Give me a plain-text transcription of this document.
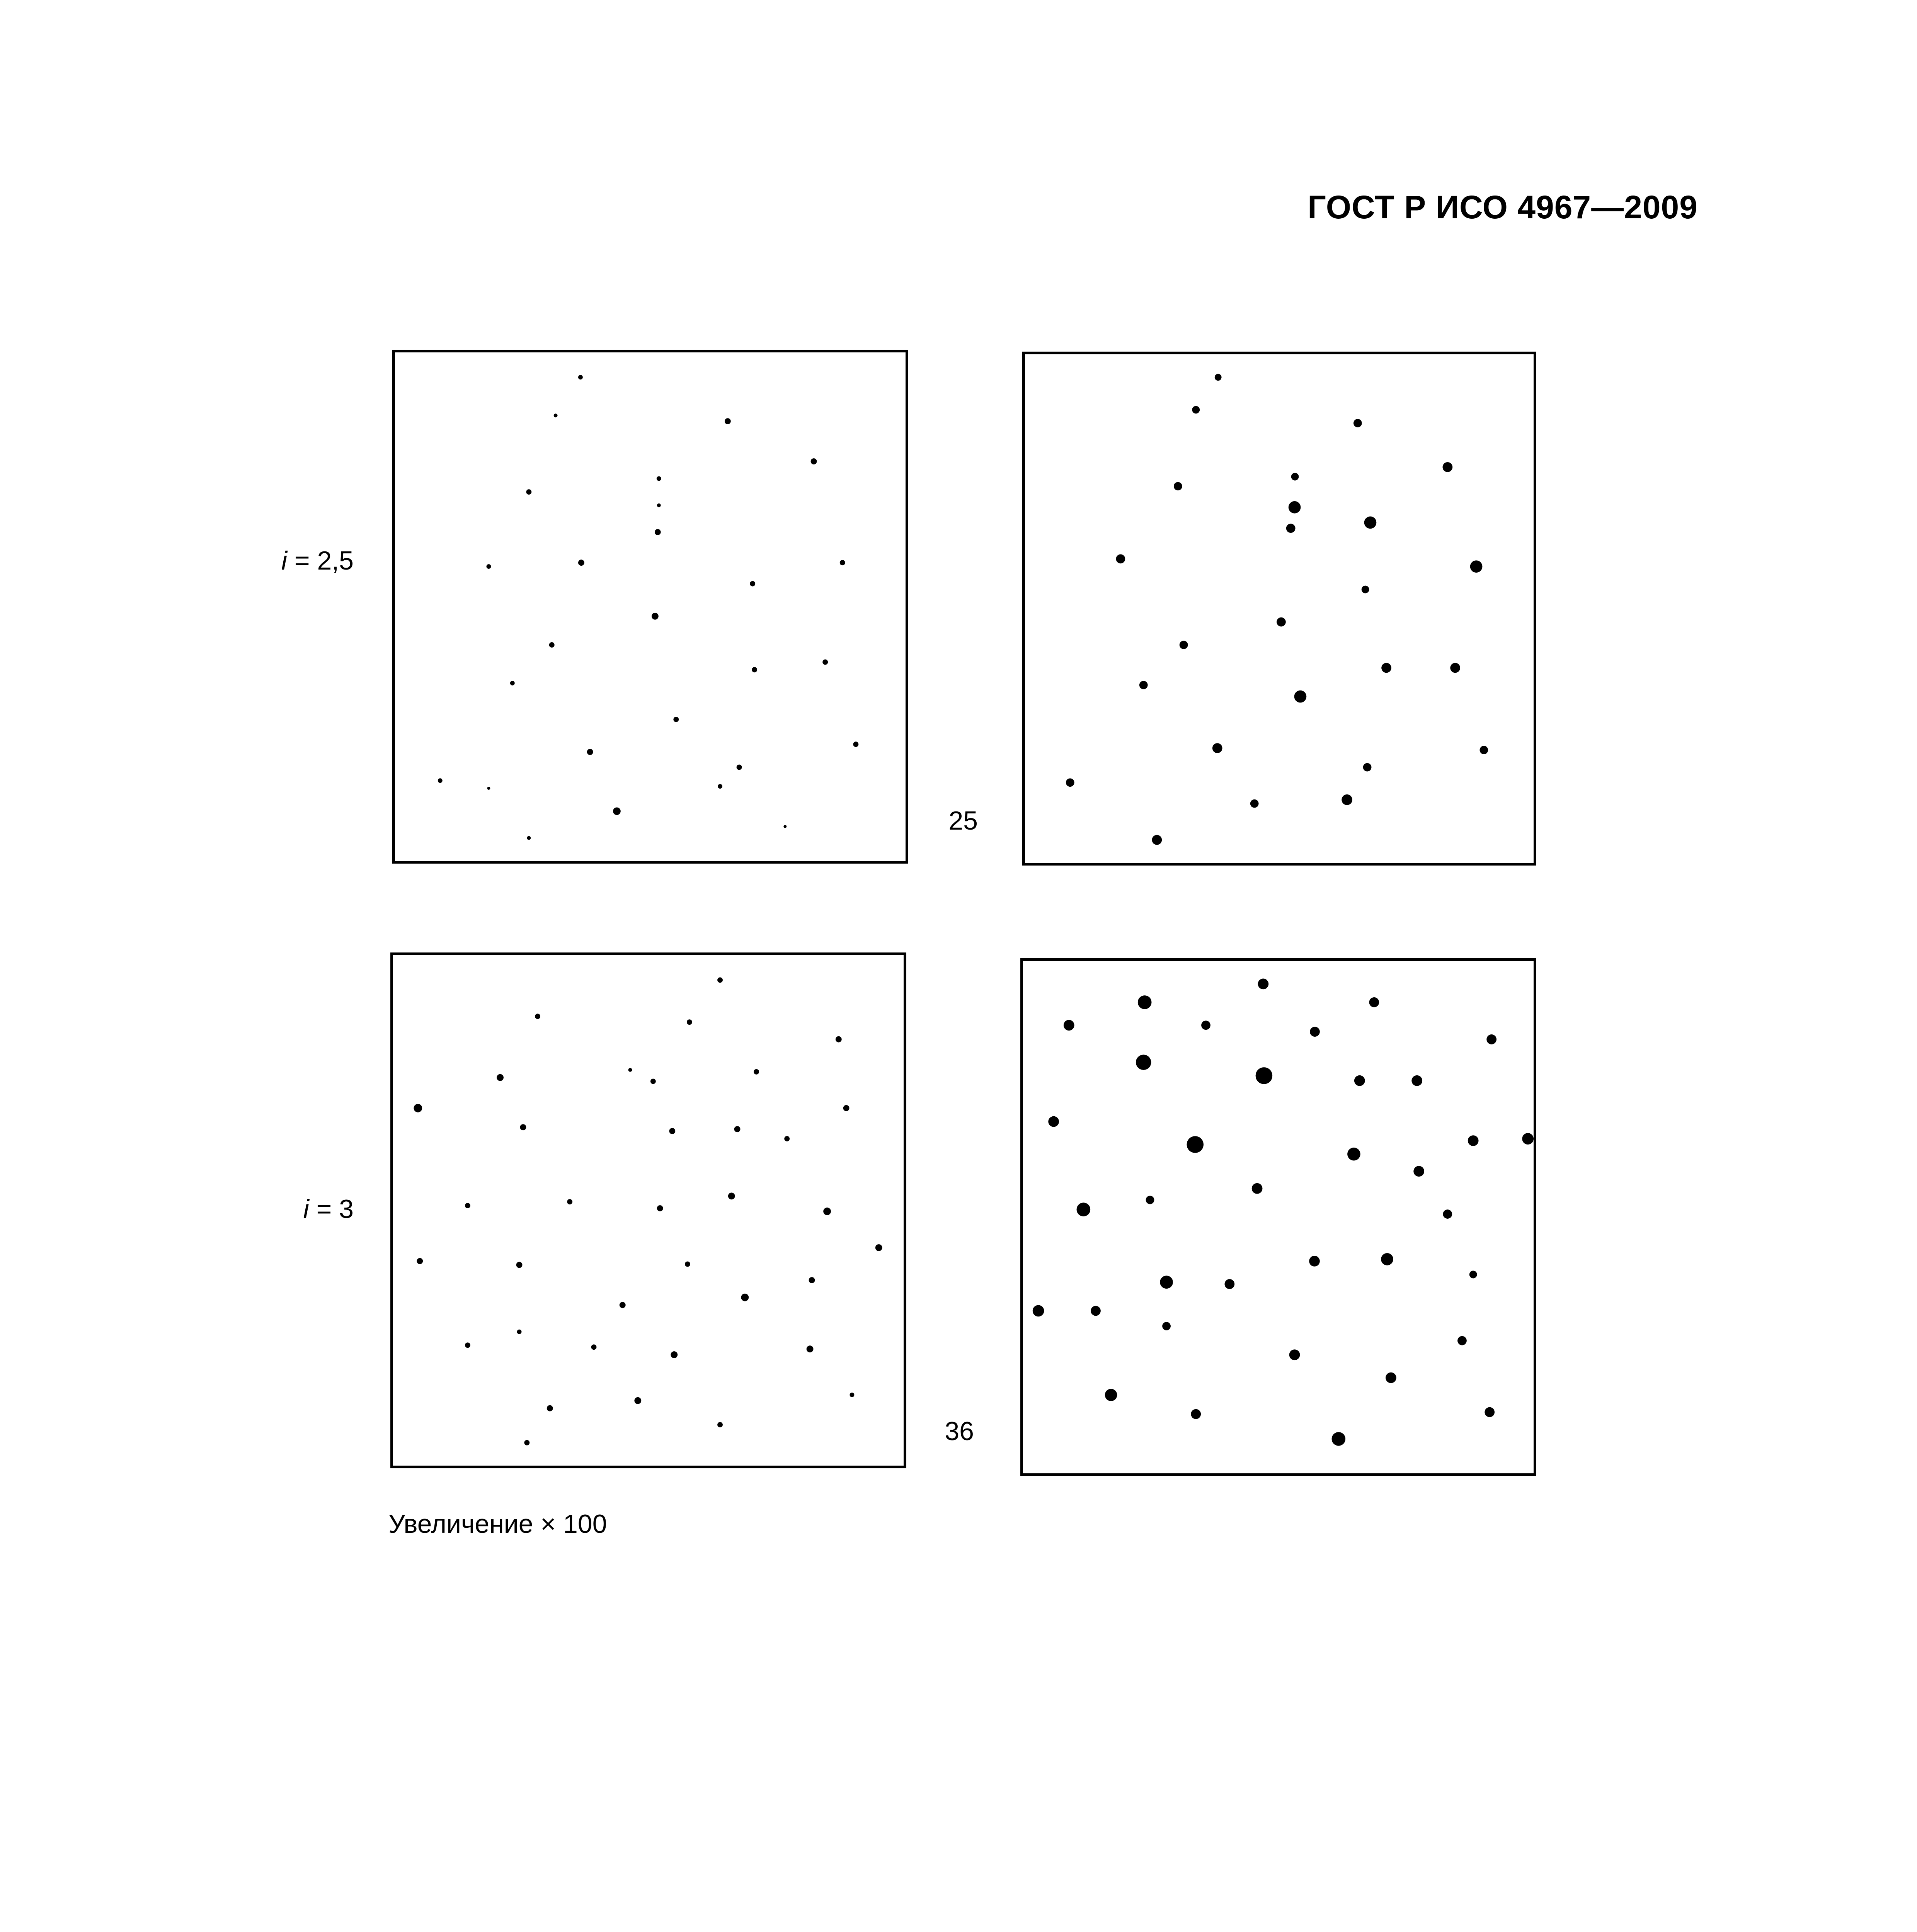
ГОСТ Р ИСО 4967—2009
i = 2,5
i = 3
25
36
Увеличение × 100
